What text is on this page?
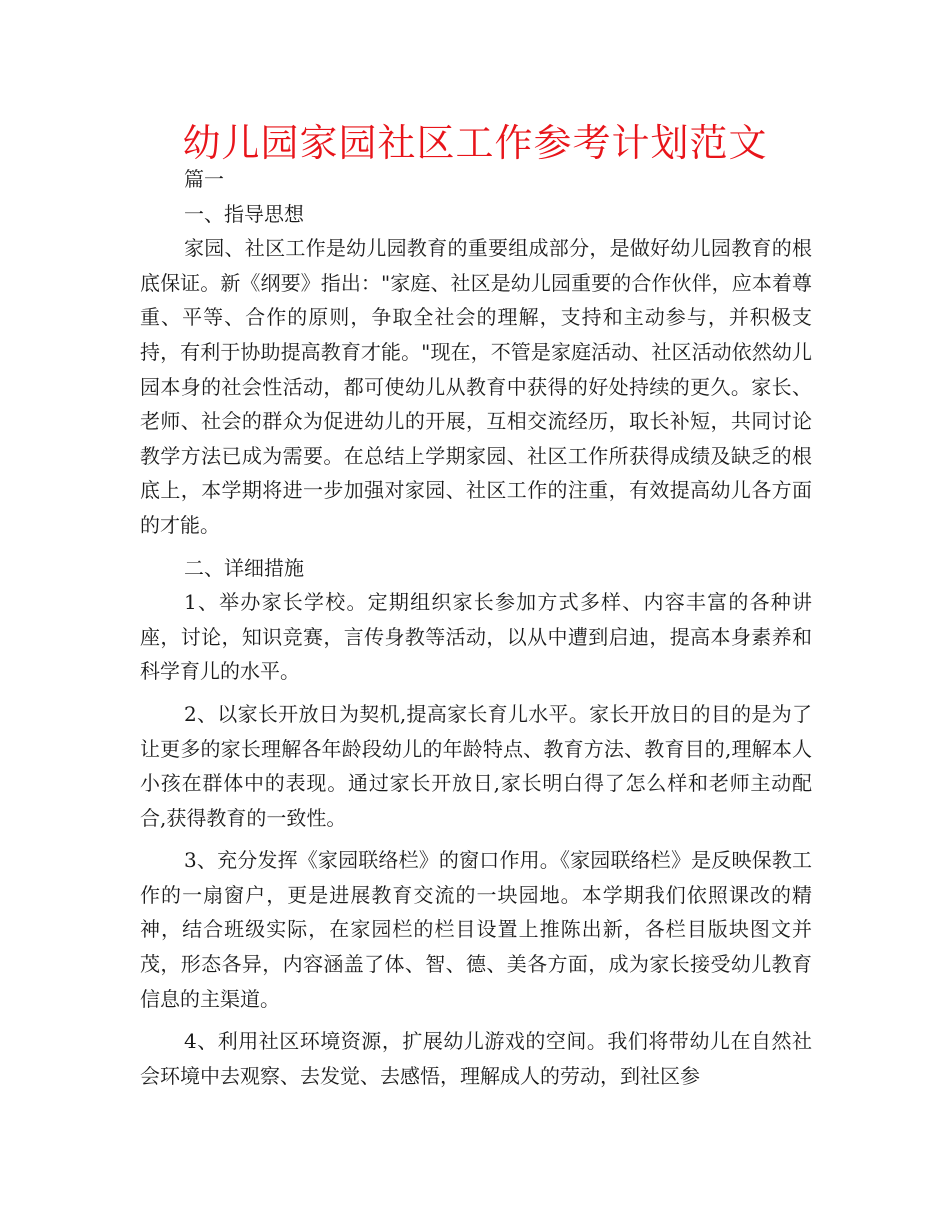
幼儿园家园社区工作参考计划范文

篇一

一、指导思想

家园、社区工作是幼儿园教育的重要组成部分，是做好幼儿园教育的根底保证。新《纲要》指出："家庭、社区是幼儿园重要的合作伙伴，应本着尊重、平等、合作的原则，争取全社会的理解，支持和主动参与，并积极支持，有利于协助提高教育才能。"现在，不管是家庭活动、社区活动依然幼儿园本身的社会性活动，都可使幼儿从教育中获得的好处持续的更久。家长、老师、社会的群众为促进幼儿的开展，互相交流经历，取长补短，共同讨论教学方法已成为需要。在总结上学期家园、社区工作所获得成绩及缺乏的根底上，本学期将进一步加强对家园、社区工作的注重，有效提高幼儿各方面的才能。

二、详细措施

1、举办家长学校。定期组织家长参加方式多样、内容丰富的各种讲座，讨论，知识竞赛，言传身教等活动，以从中遭到启迪，提高本身素养和科学育儿的水平。

2、以家长开放日为契机,提高家长育儿水平。家长开放日的目的是为了让更多的家长理解各年龄段幼儿的年龄特点、教育方法、教育目的,理解本人小孩在群体中的表现。通过家长开放日,家长明白得了怎么样和老师主动配合,获得教育的一致性。

3、充分发挥《家园联络栏》的窗口作用。《家园联络栏》是反映保教工作的一扇窗户，更是进展教育交流的一块园地。本学期我们依照课改的精神，结合班级实际，在家园栏的栏目设置上推陈出新，各栏目版块图文并茂，形态各异，内容涵盖了体、智、德、美各方面，成为家长接受幼儿教育信息的主渠道。

4、利用社区环境资源，扩展幼儿游戏的空间。我们将带幼儿在自然社会环境中去观察、去发觉、去感悟，理解成人的劳动，到社区参
